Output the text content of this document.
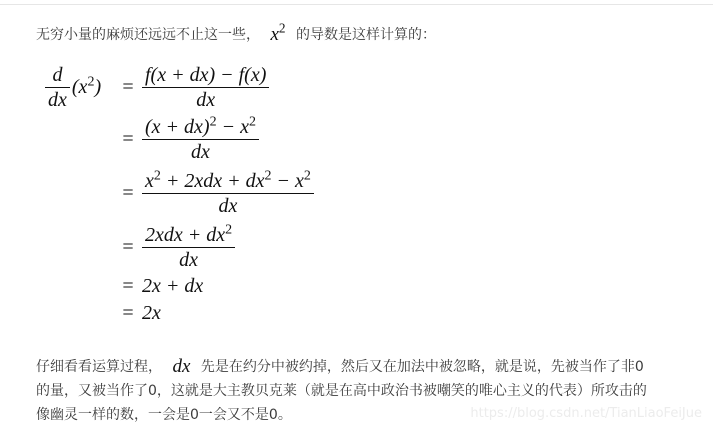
无穷小量的麻烦还远远不止这一些， $x^2$ 的导数是这样计算的：
$\frac{d}{dx} (x^2) = \frac{f(x + dx) - f(x)}{dx}$
= $\frac{(x + dx)^2 - x^2}{dx}$
= $\frac{x^2 + 2xdx + dx^2 - x^2}{dx}$
= $\frac{2xdx + dx^2}{dx}$
= 2x + dx
= 2x
仔细看看运算过程， dx 先是在约分中被约掉，然后又在加法中被忽略，就是说，先被当作了非0
的量，又被当作了0，这就是大主教贝克莱（就是在高中政治书被嘲笑的唯心主义的代表）所攻击的
像幽灵一样的数，一会是0一会又不是0。	https://blog.csdn.net/TianLiaoFeiJue
